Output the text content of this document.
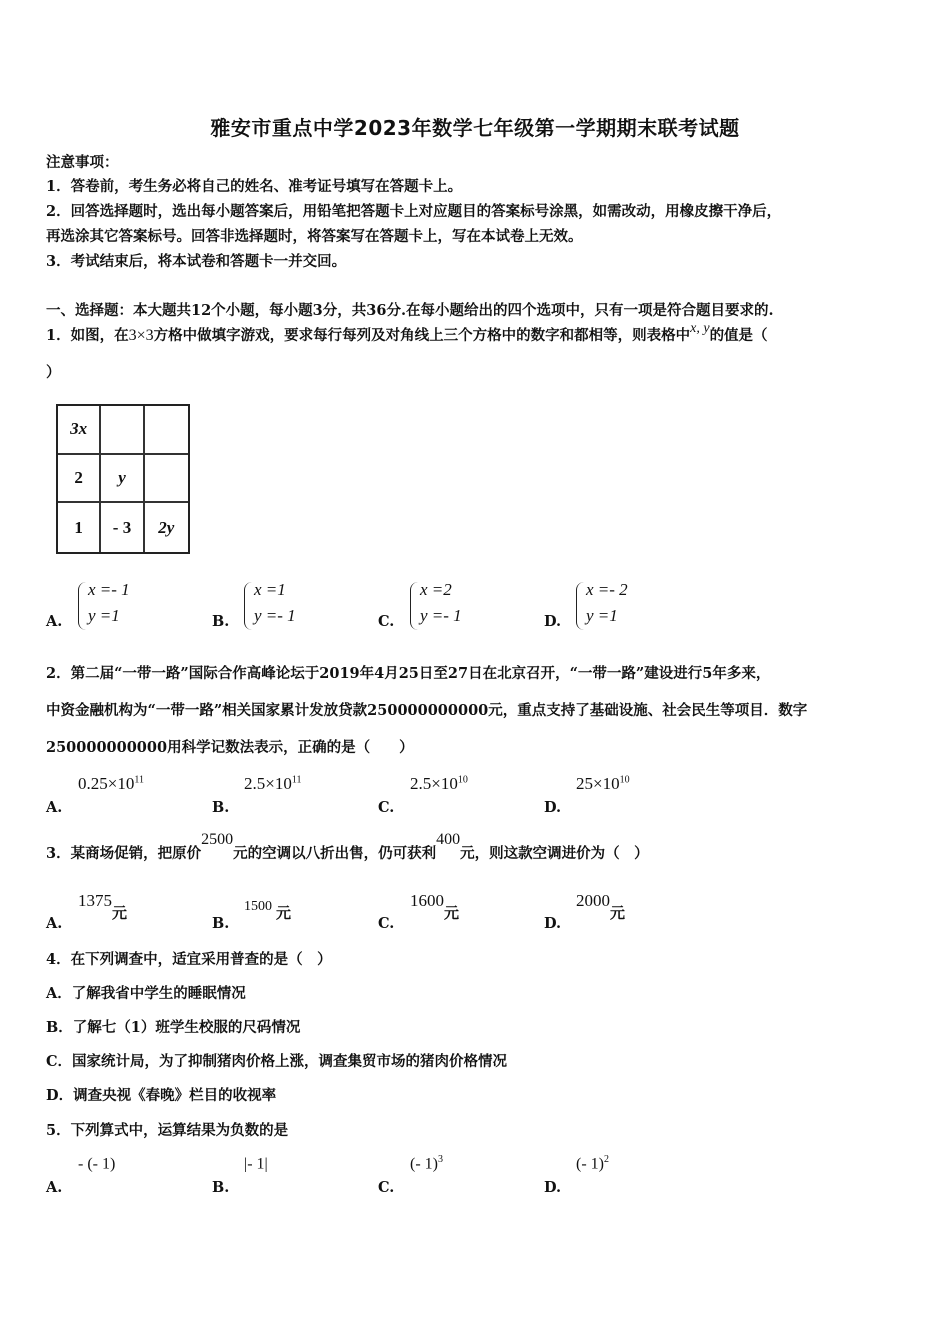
雅安市重点中学2023年数学七年级第一学期期末联考试题
注意事项：
1．答卷前，考生务必将自己的姓名、准考证号填写在答题卡上。
2．回答选择题时，选出每小题答案后，用铅笔把答题卡上对应题目的答案标号涂黑，如需改动，用橡皮擦干净后，
再选涂其它答案标号。回答非选择题时，将答案写在答题卡上，写在本试卷上无效。
3．考试结束后，将本试卷和答题卡一并交回。
一、选择题：本大题共12个小题，每小题3分，共36分.在每小题给出的四个选项中，只有一项是符合题目要求的.
1．如图，在3×3方格中做填字游戏，要求每行每列及对角线上三个方格中的数字和都相等，则表格中x, y的值是（
）
3x
2	y
1	- 3	2y
A.
x =- 1
y =1	B.
x =1
y =- 1	C.
x =2
y =- 1	D.
x =- 2
y =1
2．第二届“一带一路”国际合作高峰论坛于2019年4月25日至27日在北京召开，“一带一路”建设进行5年多来，
中资金融机构为“一带一路”相关国家累计发放贷款250000000000元，重点支持了基础设施、社会民生等项目．数字
250000000000用科学记数法表示，正确的是（　　）
A.
$0.25\times 10^{11}$
B.
$2.5\times 10^{11}$
C.
$2.5\times 10^{10}$
D.
$25\times 10^{10}$
3．某商场促销，把原价2500元的空调以八折出售，仍可获利400元，则这款空调进价为（　）
A.
1375元
B.
1500 元
C.
1600元
D.
2000元
4．在下列调查中，适宜采用普查的是（　）
A．了解我省中学生的睡眠情况
B．了解七（1）班学生校服的尺码情况
C．国家统计局，为了抑制猪肉价格上涨，调查集贸市场的猪肉价格情况
D．调查央视《春晚》栏目的收视率
5．下列算式中，运算结果为负数的是
A.
- (- 1)
B.
|- 1|
C.
(- 1)$^3$
D.
(- 1)$^2$
